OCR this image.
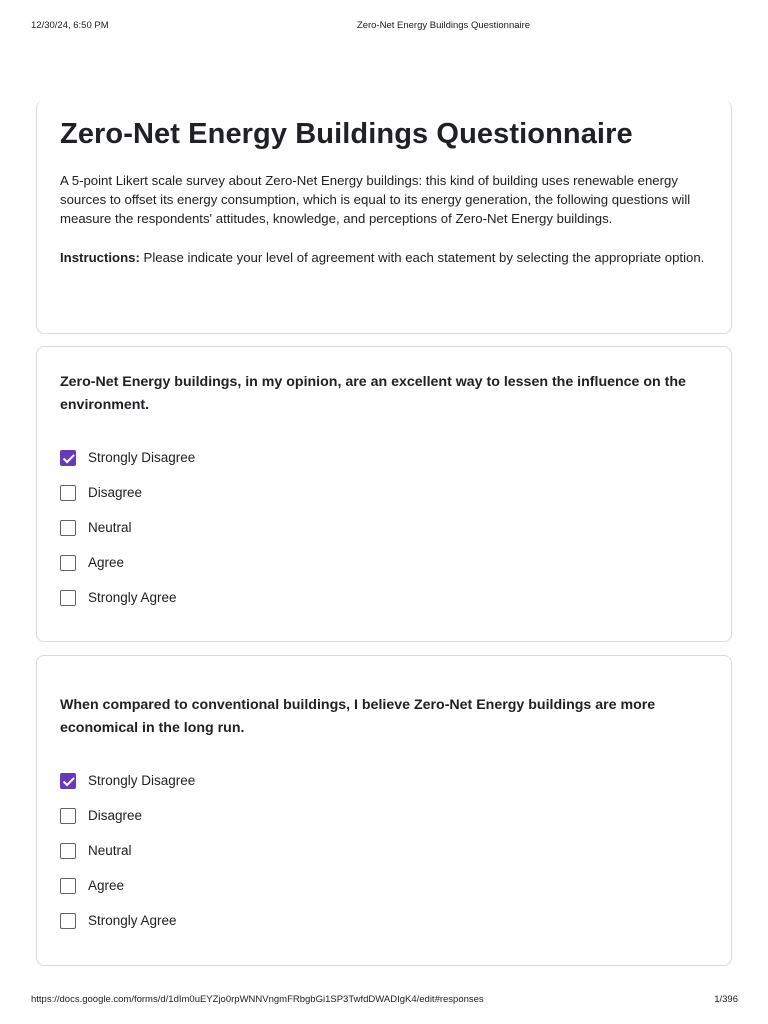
12/30/24, 6:50 PM	Zero-Net Energy Buildings Questionnaire
Zero-Net Energy Buildings Questionnaire
A 5-point Likert scale survey about Zero-Net Energy buildings: this kind of building uses renewable energy sources to offset its energy consumption, which is equal to its energy generation, the following questions will measure the respondents' attitudes, knowledge, and perceptions of Zero-Net Energy buildings.
Instructions: Please indicate your level of agreement with each statement by selecting the appropriate option.
Zero-Net Energy buildings, in my opinion, are an excellent way to lessen the influence on the environment.
Strongly Disagree
Disagree
Neutral
Agree
Strongly Agree
When compared to conventional buildings, I believe Zero-Net Energy buildings are more economical in the long run.
Strongly Disagree
Disagree
Neutral
Agree
Strongly Agree
https://docs.google.com/forms/d/1dIm0uEYZjo0rpWNNVngmFRbgbGi1SP3TwfdDWADIgK4/edit#responses	1/396
